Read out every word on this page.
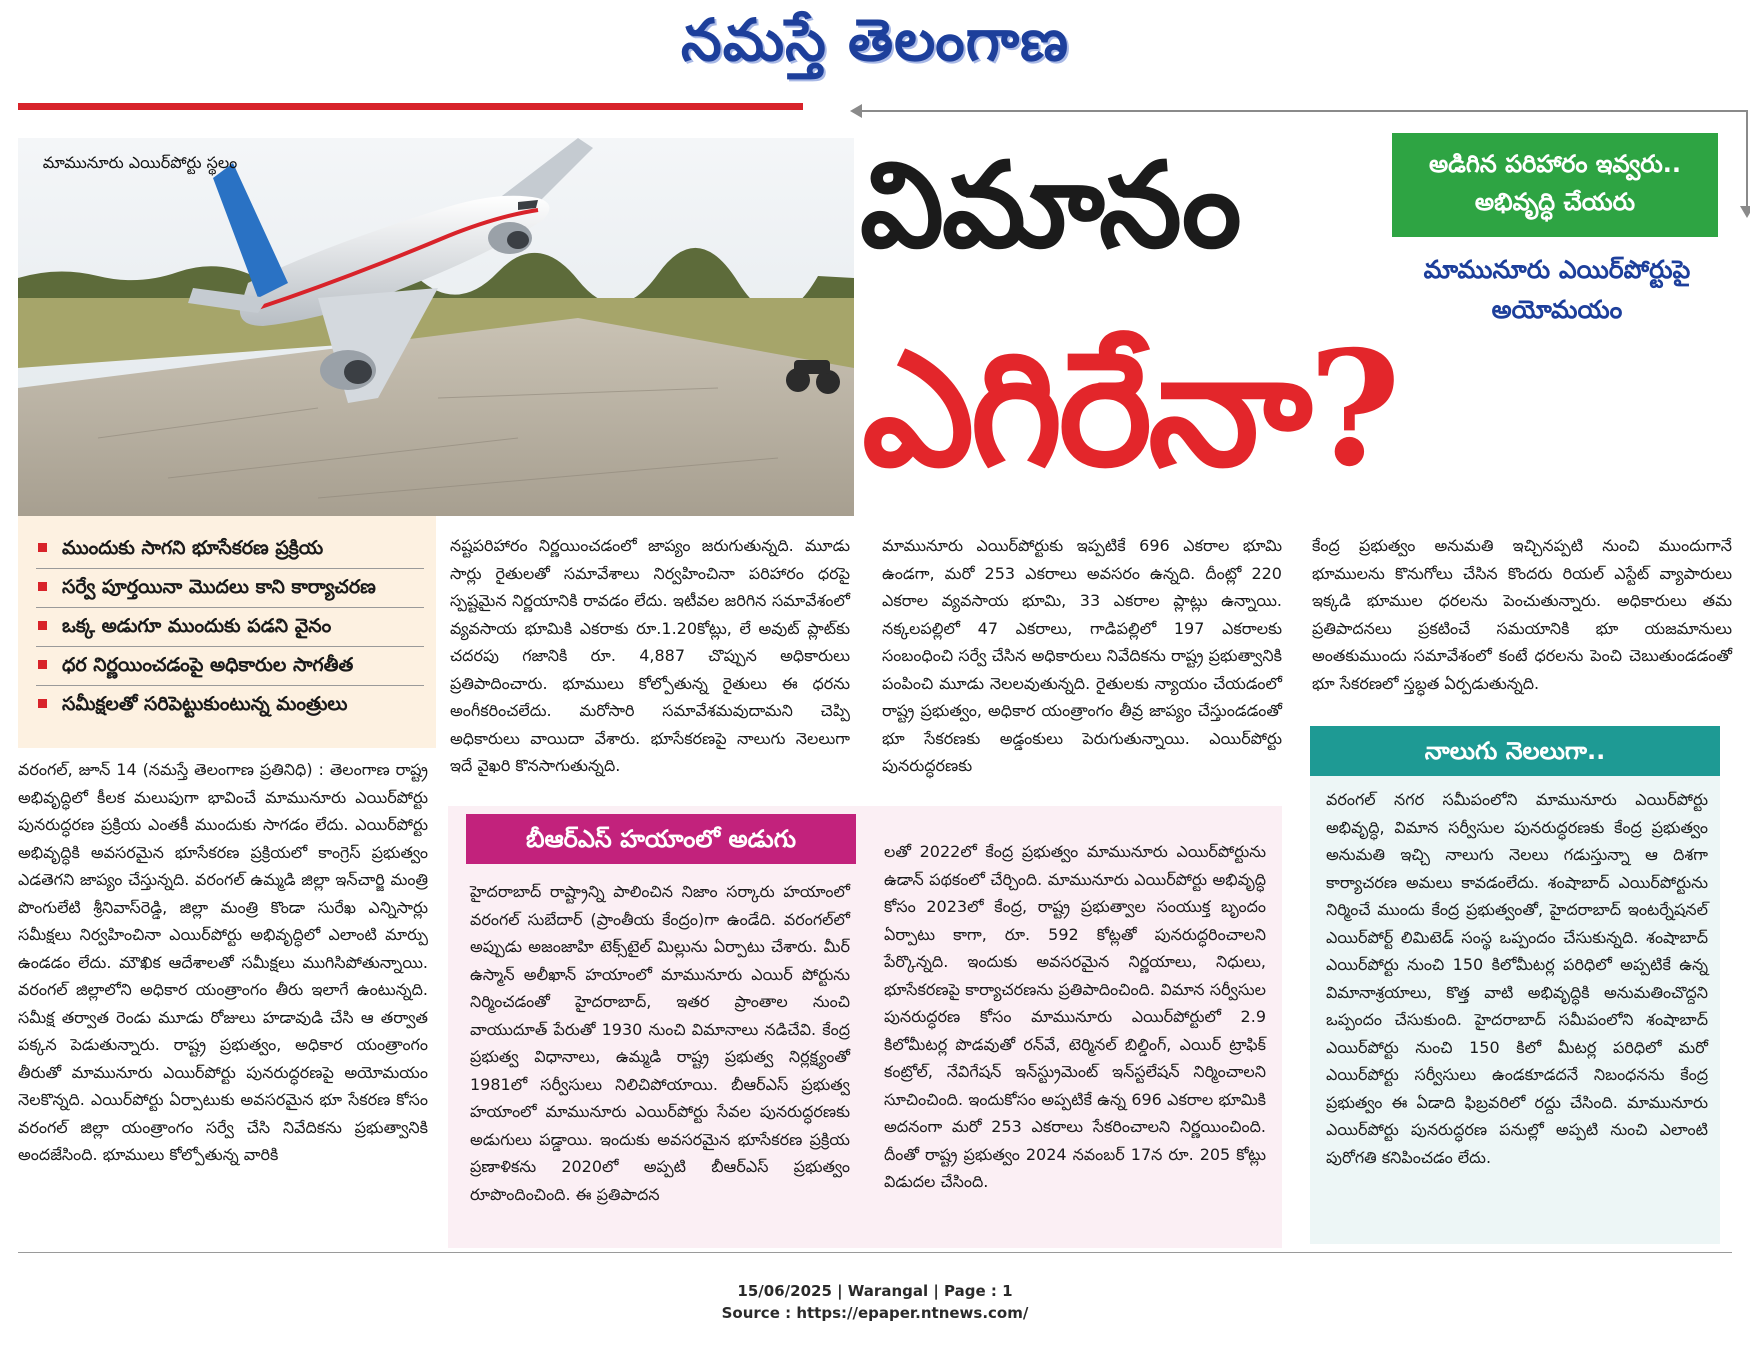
నమస్తే తెలంగాణ
మామునూరు ఎయిర్‌పోర్టు స్థలం	విమానం
ఎగిరేనా?
అడిగిన పరిహారం ఇవ్వరు.. అభివృద్ధి చేయరు
మామునూరు ఎయిర్‌పోర్టుపై అయోమయం
ముందుకు సాగని భూసేకరణ ప్రక్రియ
సర్వే పూర్తయినా మొదలు కాని కార్యాచరణ
ఒక్క అడుగూ ముందుకు పడని వైనం
ధర నిర్ణయించడంపై అధికారుల సాగతీత
సమీక్షలతో సరిపెట్టుకుంటున్న మంత్రులు
వరంగల్‌, జూన్‌ 14 (నమస్తే తెలంగాణ ప్రతినిధి) : తెలంగాణ రాష్ట్ర అభివృద్ధిలో కీలక మలుపుగా భావించే మామునూరు ఎయిర్‌పోర్టు పునరుద్ధరణ ప్రక్రియ ఎంతకీ ముందుకు సాగడం లేదు. ఎయిర్‌పోర్టు అభివృద్ధికి అవసరమైన భూసేకరణ ప్రక్రియలో కాంగ్రెస్‌ ప్రభుత్వం ఎడతెగని జాప్యం చేస్తున్నది. వరంగల్‌ ఉమ్మడి జిల్లా ఇన్‌చార్జి మంత్రి పొంగులేటి శ్రీనివాస్‌రెడ్డి, జిల్లా మంత్రి కొండా సురేఖ ఎన్నిసార్లు సమీక్షలు నిర్వహించినా ఎయిర్‌పోర్టు అభివృద్ధిలో ఎలాంటి మార్పు ఉండడం లేదు. మౌఖిక ఆదేశాలతో సమీక్షలు ముగిసిపోతున్నాయి. వరంగల్‌ జిల్లాలోని అధికార యంత్రాంగం తీరు ఇలాగే ఉంటున్నది. సమీక్ష తర్వాత రెండు మూడు రోజులు హడావుడి చేసి ఆ తర్వాత పక్కన పెడుతున్నారు. రాష్ట్ర ప్రభుత్వం, అధికార యంత్రాంగం తీరుతో మామునూరు ఎయిర్‌పోర్టు పునరుద్ధరణపై అయోమయం నెలకొన్నది. ఎయిర్‌పోర్టు ఏర్పాటుకు అవసరమైన భూ సేకరణ కోసం వరంగల్‌ జిల్లా యంత్రాంగం సర్వే చేసి నివేదికను ప్రభుత్వానికి అందజేసింది. భూములు కోల్పోతున్న వారికి
నష్టపరిహారం నిర్ణయించడంలో జాప్యం జరుగుతున్నది. మూడు సార్లు రైతులతో సమావేశాలు నిర్వహించినా పరిహారం ధరపై స్పష్టమైన నిర్ణయానికి రావడం లేదు. ఇటీవల జరిగిన సమావేశంలో వ్యవసాయ భూమికి ఎకరాకు రూ.1.20కోట్లు, లే అవుట్‌ ప్లాట్‌కు చదరపు గజానికి రూ. 4,887 చొప్పున అధికారులు ప్రతిపాదించారు. భూములు కోల్పోతున్న రైతులు ఈ ధరను అంగీకరించలేదు. మరోసారి సమావేశమవుదామని చెప్పి అధికారులు వాయిదా వేశారు. భూసేకరణపై నాలుగు నెలలుగా ఇదే వైఖరి కొనసాగుతున్నది.
మామునూరు ఎయిర్‌పోర్టుకు ఇప్పటికే 696 ఎకరాల భూమి ఉండగా, మరో 253 ఎకరాలు అవసరం ఉన్నది. దీంట్లో 220 ఎకరాల వ్యవసాయ భూమి, 33 ఎకరాల ప్లాట్లు ఉన్నాయి. నక్కలపల్లిలో 47 ఎకరాలు, గాడిపల్లిలో 197 ఎకరాలకు సంబంధించి సర్వే చేసిన అధికారులు నివేదికను రాష్ట్ర ప్రభుత్వానికి పంపించి మూడు నెలలవుతున్నది. రైతులకు న్యాయం చేయడంలో రాష్ట్ర ప్రభుత్వం, అధికార యంత్రాంగం తీవ్ర జాప్యం చేస్తుండడంతో భూ సేకరణకు అడ్డంకులు పెరుగుతున్నాయి. ఎయిర్‌పోర్టు పునరుద్ధరణకు
కేంద్ర ప్రభుత్వం అనుమతి ఇచ్చినప్పటి నుంచి ముందుగానే భూములను కొనుగోలు చేసిన కొందరు రియల్‌ ఎస్టేట్‌ వ్యాపారులు ఇక్కడి భూముల ధరలను పెంచుతున్నారు. అధికారులు తమ ప్రతిపాదనలు ప్రకటించే సమయానికి భూ యజమానులు అంతకుముందు సమావేశంలో కంటే ధరలను పెంచి చెబుతుండడంతో భూ సేకరణలో స్తబ్ధత ఏర్పడుతున్నది.
బీఆర్‌ఎస్‌ హయాంలో అడుగు
హైదరాబాద్‌ రాష్ట్రాన్ని పాలించిన నిజాం సర్కారు హయాంలో వరంగల్‌ సుబేదార్‌ (ప్రాంతీయ కేంద్రం)గా ఉండేది. వరంగల్‌లో అప్పుడు అజంజాహి టెక్స్‌టైల్‌ మిల్లును ఏర్పాటు చేశారు. మీర్‌ ఉస్మాన్‌ అలీఖాన్‌ హయాంలో మామునూరు ఎయిర్‌ పోర్టును నిర్మించడంతో హైదరాబాద్‌, ఇతర ప్రాంతాల నుంచి వాయుదూత్‌ పేరుతో 1930 నుంచి విమానాలు నడిచేవి. కేంద్ర ప్రభుత్వ విధానాలు, ఉమ్మడి రాష్ట్ర ప్రభుత్వ నిర్లక్ష్యంతో 1981లో సర్వీసులు నిలిచిపోయాయి. బీఆర్‌ఎస్‌ ప్రభుత్వ హయాంలో మామునూరు ఎయిర్‌పోర్టు సేవల పునరుద్ధరణకు అడుగులు పడ్డాయి. ఇందుకు అవసరమైన భూసేకరణ ప్రక్రియ ప్రణాళికను 2020లో అప్పటి బీఆర్‌ఎస్‌ ప్రభుత్వం రూపొందించింది. ఈ ప్రతిపాదన
లతో 2022లో కేంద్ర ప్రభుత్వం మామునూరు ఎయిర్‌పోర్టును ఉడాన్‌ పథకంలో చేర్చింది. మామునూరు ఎయిర్‌పోర్టు అభివృద్ధి కోసం 2023లో కేంద్ర, రాష్ట్ర ప్రభుత్వాల సంయుక్త బృందం ఏర్పాటు కాగా, రూ. 592 కోట్లతో పునరుద్ధరించాలని పేర్కొన్నది. ఇందుకు అవసరమైన నిర్ణయాలు, నిధులు, భూసేకరణపై కార్యాచరణను ప్రతిపాదించింది. విమాన సర్వీసుల పునరుద్ధరణ కోసం మామునూరు ఎయిర్‌పోర్టులో 2.9 కిలోమీటర్ల పొడవుతో రన్‌వే, టెర్మినల్‌ బిల్డింగ్‌, ఎయిర్‌ ట్రాఫిక్‌ కంట్రోల్‌, నేవిగేషన్‌ ఇన్‌స్ట్రుమెంట్‌ ఇన్‌స్టలేషన్‌ నిర్మించాలని సూచించింది. ఇందుకోసం అప్పటికే ఉన్న 696 ఎకరాల భూమికి అదనంగా మరో 253 ఎకరాలు సేకరించాలని నిర్ణయించింది. దీంతో రాష్ట్ర ప్రభుత్వం 2024 నవంబర్‌ 17న రూ. 205 కోట్లు విడుదల చేసింది.
నాలుగు నెలలుగా..
వరంగల్‌ నగర సమీపంలోని మామునూరు ఎయిర్‌పోర్టు అభివృద్ధి, విమాన సర్వీసుల పునరుద్ధరణకు కేంద్ర ప్రభుత్వం అనుమతి ఇచ్చి నాలుగు నెలలు గడుస్తున్నా ఆ దిశగా కార్యాచరణ అమలు కావడంలేదు. శంషాబాద్‌ ఎయిర్‌పోర్టును నిర్మించే ముందు కేంద్ర ప్రభుత్వంతో, హైదరాబాద్‌ ఇంటర్నేషనల్‌ ఎయిర్‌పోర్ట్‌ లిమిటెడ్‌ సంస్థ ఒప్పందం చేసుకున్నది. శంషాబాద్‌ ఎయిర్‌పోర్టు నుంచి 150 కిలోమీటర్ల పరిధిలో అప్పటికే ఉన్న విమానాశ్రయాలు, కొత్త వాటి అభివృద్ధికి అనుమతించొద్దని ఒప్పందం చేసుకుంది. హైదరాబాద్‌ సమీపంలోని శంషాబాద్‌ ఎయిర్‌పోర్టు నుంచి 150 కిలో మీటర్ల పరిధిలో మరో ఎయిర్‌పోర్టు సర్వీసులు ఉండకూడదనే నిబంధనను కేంద్ర ప్రభుత్వం ఈ ఏడాది ఫిబ్రవరిలో రద్దు చేసింది. మామునూరు ఎయిర్‌పోర్టు పునరుద్ధరణ పనుల్లో అప్పటి నుంచి ఎలాంటి పురోగతి కనిపించడం లేదు.
15/06/2025 | Warangal | Page : 1
Source : https://epaper.ntnews.com/
